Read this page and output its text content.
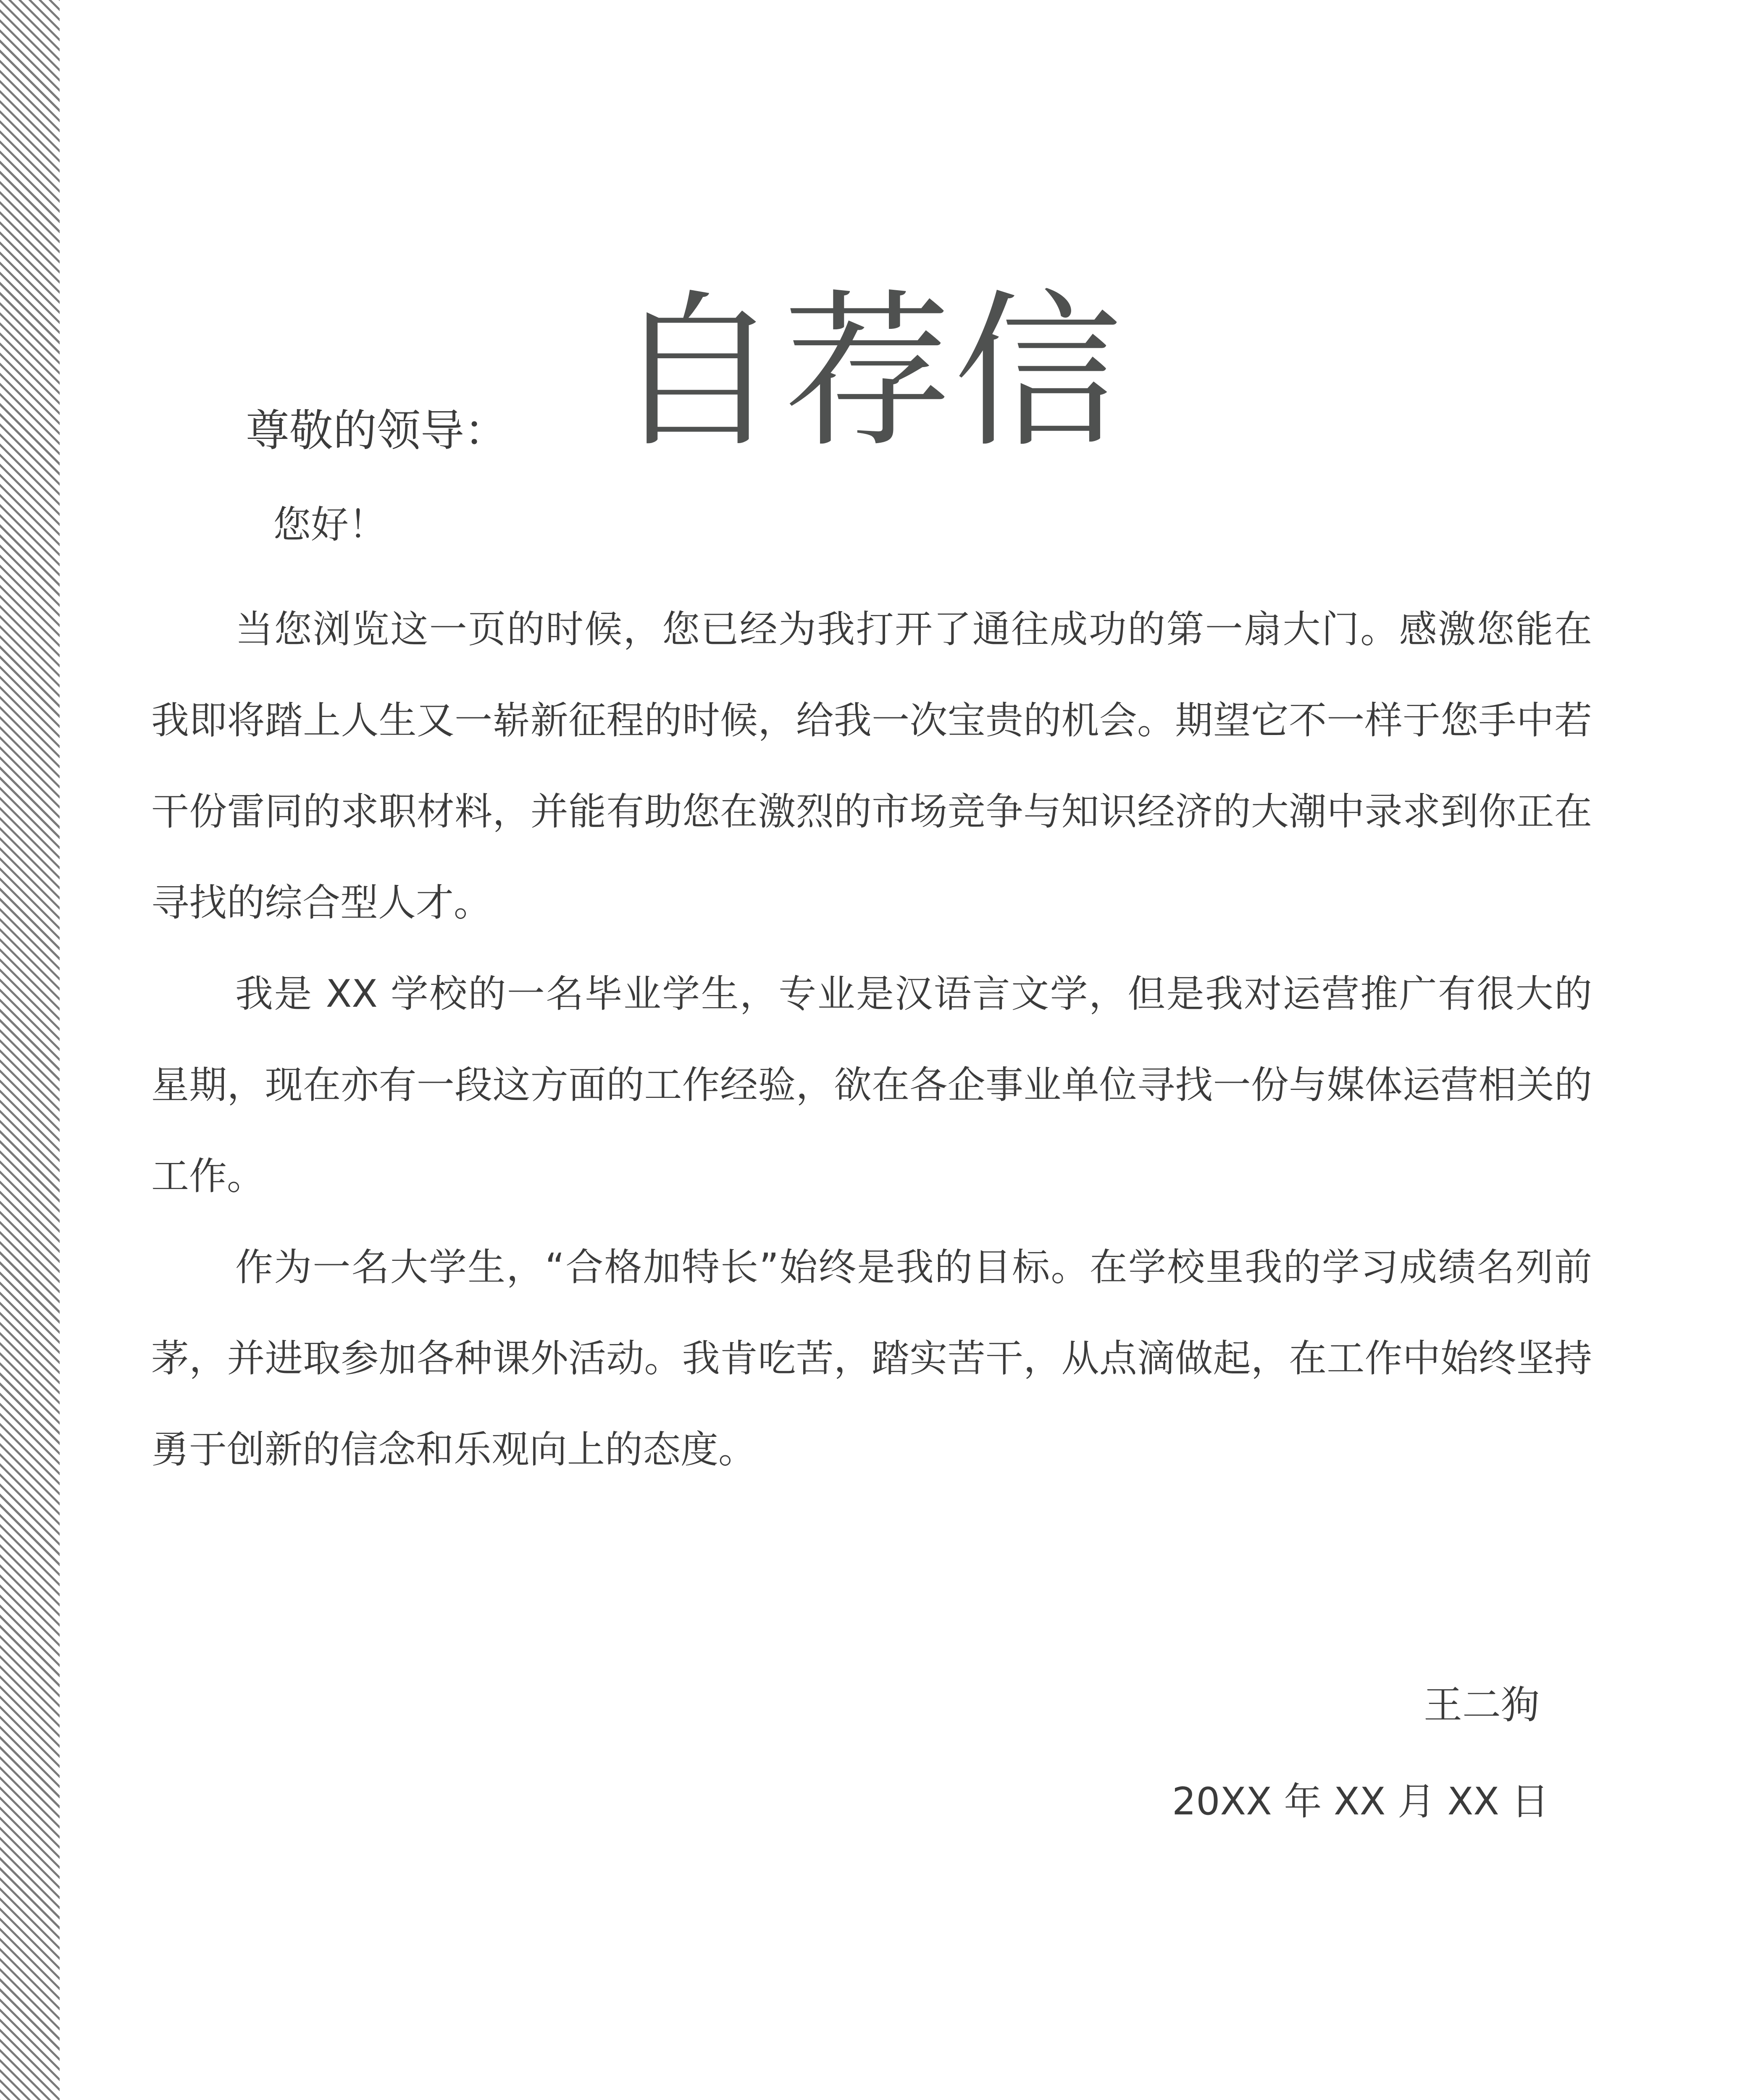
自荐信
尊敬的领导：
您好！

当您浏览这一页的时候，您已经为我打开了通往成功的第一扇大门。感激您能在我即将踏上人生又一崭新征程的时候，给我一次宝贵的机会。期望它不一样于您手中若干份雷同的求职材料，并能有助您在激烈的市场竞争与知识经济的大潮中录求到你正在寻找的综合型人才。

我是 XX 学校的一名毕业学生，专业是汉语言文学，但是我对运营推广有很大的星期，现在亦有一段这方面的工作经验，欲在各企事业单位寻找一份与媒体运营相关的工作。

作为一名大学生，“合格加特长”始终是我的目标。在学校里我的学习成绩名列前茅，并进取参加各种课外活动。我肯吃苦，踏实苦干，从点滴做起，在工作中始终坚持勇于创新的信念和乐观向上的态度。

王二狗
20XX 年 XX 月 XX 日
